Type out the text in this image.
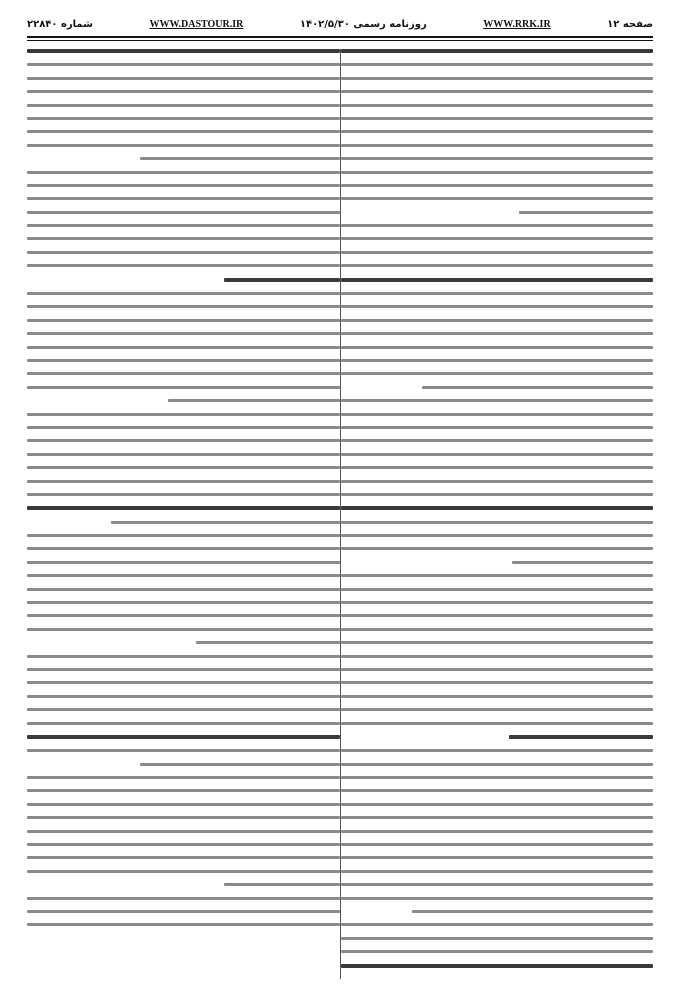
صفحه ۱۲
WWW.RRK.IR
روزنامه رسمی ۱۴۰۲/۵/۳۰
WWW.DASTOUR.IR
شماره ۲۲۸۴۰
